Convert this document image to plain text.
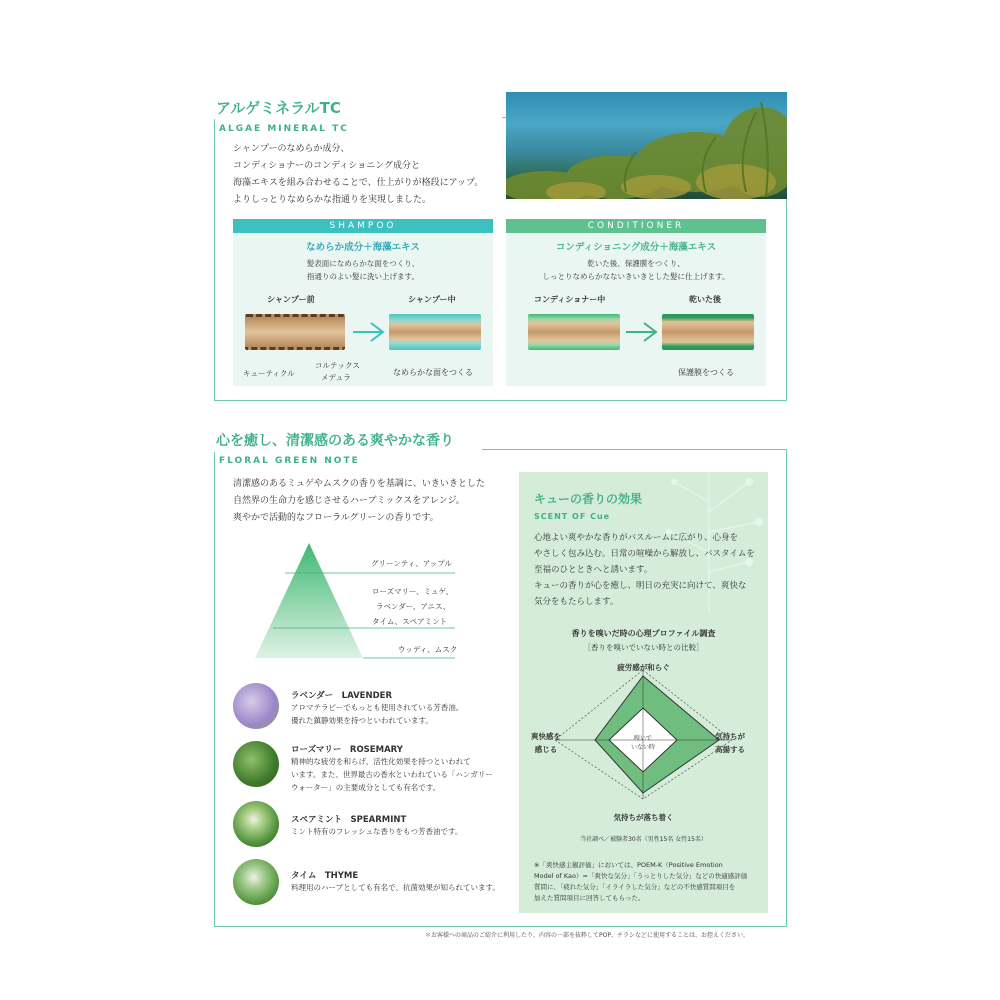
アルゲミネラルTC
ALGAE MINERAL TC
シャンプーのなめらか成分、
コンディショナーのコンディショニング成分と
海藻エキスを組み合わせることで、仕上がりが格段にアップ。
よりしっとりなめらかな指通りを実現しました。
SHAMPOO
なめらか成分＋海藻エキス
髪表面になめらかな面をつくり、
指通りのよい髪に洗い上げます。
シャンプー前	シャンプー中
コルテックス
キューティクル	メデュラ
なめらかな面をつくる
CONDITIONER
コンディショニング成分＋海藻エキス
乾いた後、保護膜をつくり、
しっとりなめらかなないきいきとした髪に仕上げます。
コンディショナー中	乾いた後
保護膜をつくる
心を癒し、清潔感のある爽やかな香り
FLORAL GREEN NOTE
清潔感のあるミュゲやムスクの香りを基調に、いきいきとした
自然界の生命力を感じさせるハーブミックスをアレンジ。
爽やかで活動的なフローラルグリーンの香りです。
グリーンティ、アップル
ローズマリー、ミュゲ、
ラベンダー、アニス、
タイム、スペアミント
ウッディ、ムスク
ラベンダー　LAVENDER
アロマテラピーでもっとも使用されている芳香油。
優れた鎮静効果を持つといわれています。
ローズマリー　ROSEMARY
精神的な疲労を和らげ、活性化効果を持つといわれて
います。また、世界最古の香水といわれている「ハンガリー
ウォーター」の主要成分としても有名です。
スペアミント　SPEARMINT
ミント特有のフレッシュな香りをもつ芳香油です。
タイム　THYME
料理用のハーブとしても有名で、抗菌効果が知られています。
キューの香りの効果
SCENT OF Cue
心地よい爽やかな香りがバスルームに広がり、心身を
やさしく包み込む。日常の喧噪から解放し、バスタイムを
至福のひとときへと誘います。
キューの香りが心を癒し、明日の充実に向けて、爽快な
気分をもたらします。
香りを嗅いだ時の心理プロファイル調査
［香りを嗅いでいない時との比較］
疲労感が和らぐ
爽快感を
感じる
気持ちが
高揚する
嗅いで
いない時
気持ちが落ち着く
当社調べ／被験者30名（男性15名 女性15名）
※「爽快感主観評価」においては、POEM-K（Positive Emotion
Model of Kao）=「爽快な気分」「うっとりした気分」などの快適感評価
質問に、「疲れた気分」「イライラした気分」などの不快感質問項目を
加えた質問項目に回答してもらった。
＊お客様への商品のご紹介に利用したり、内容の一部を抜粋してPOP、チラシなどに使用することは、お控えください。
